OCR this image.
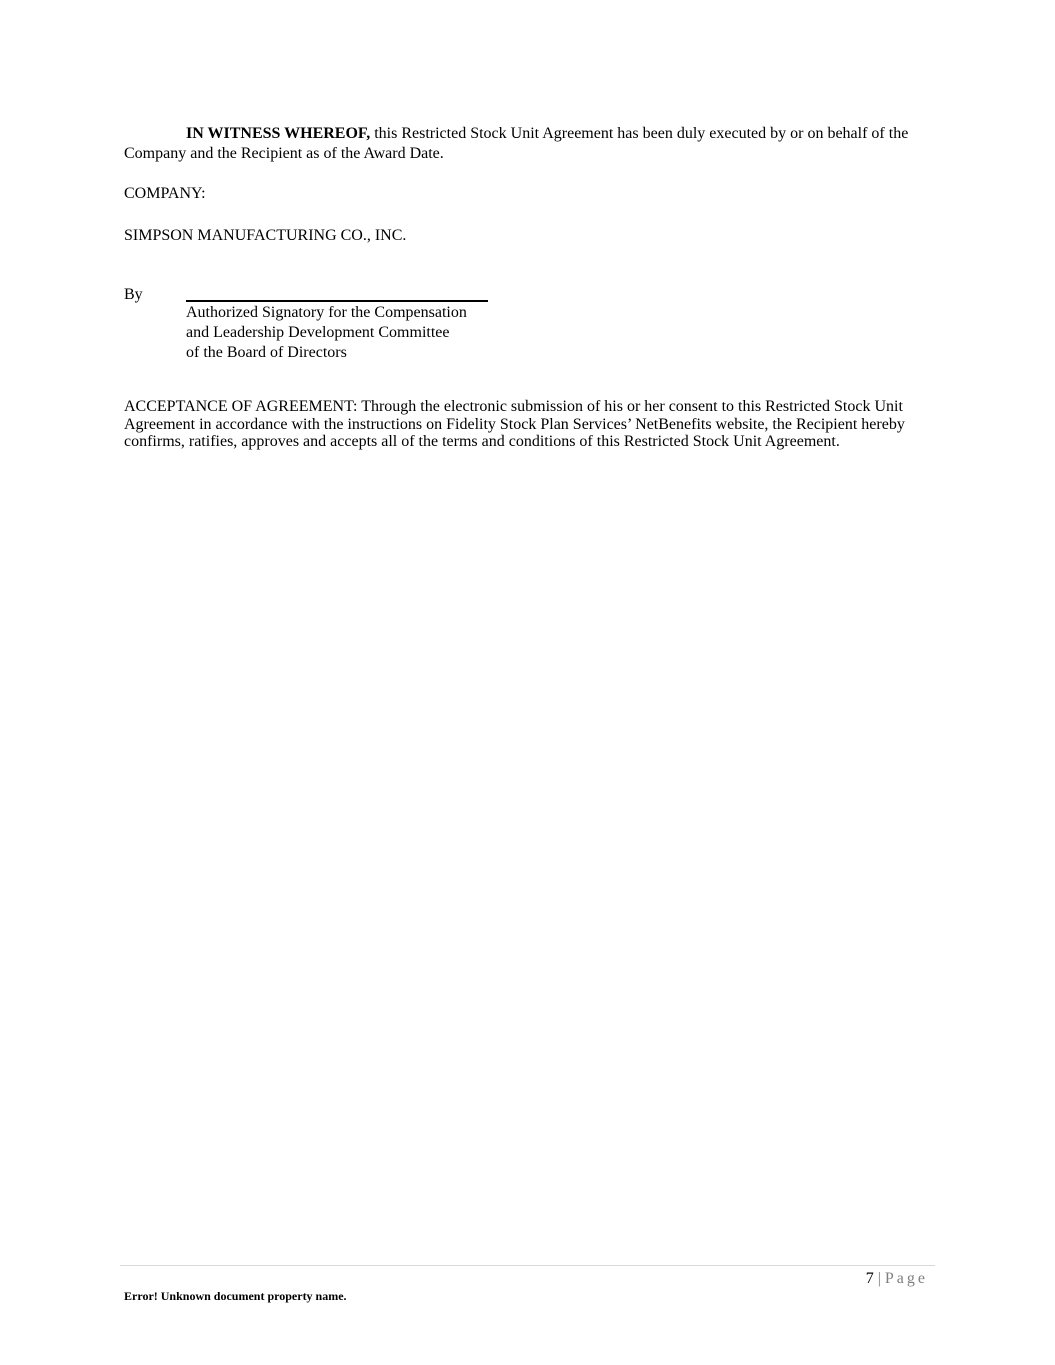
IN WITNESS WHEREOF, this Restricted Stock Unit Agreement has been duly executed by or on behalf of the Company and the Recipient as of the Award Date.

COMPANY:

SIMPSON MANUFACTURING CO., INC.

By

Authorized Signatory for the Compensation
and Leadership Development Committee
of the Board of Directors

ACCEPTANCE OF AGREEMENT: Through the electronic submission of his or her consent to this Restricted Stock Unit Agreement in accordance with the instructions on Fidelity Stock Plan Services’ NetBenefits website, the Recipient hereby confirms, ratifies, approves and accepts all of the terms and conditions of this Restricted Stock Unit Agreement.

7 | Page
Error! Unknown document property name.
